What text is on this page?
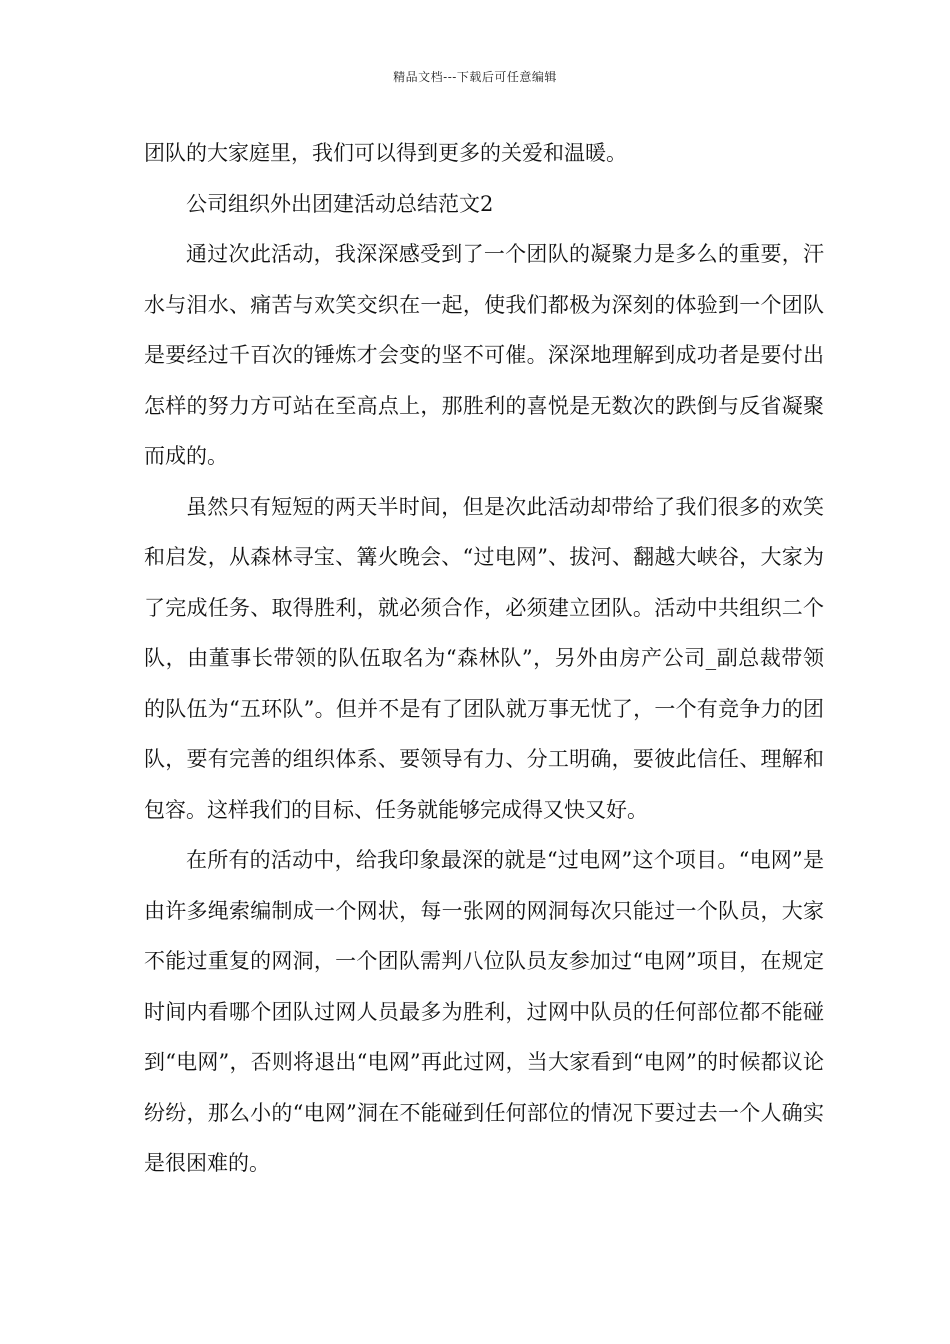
精品文档---下载后可任意编辑

团队的大家庭里，我们可以得到更多的关爱和温暖。

公司组织外出团建活动总结范文2

通过次此活动，我深深感受到了一个团队的凝聚力是多么的重要，汗水与泪水、痛苦与欢笑交织在一起，使我们都极为深刻的体验到一个团队是要经过千百次的锤炼才会变的坚不可催。深深地理解到成功者是要付出怎样的努力方可站在至高点上，那胜利的喜悦是无数次的跌倒与反省凝聚而成的。

虽然只有短短的两天半时间，但是次此活动却带给了我们很多的欢笑和启发，从森林寻宝、篝火晚会、“过电网”、拔河、翻越大峡谷，大家为了完成任务、取得胜利，就必须合作，必须建立团队。活动中共组织二个队，由董事长带领的队伍取名为“森林队”，另外由房产公司_副总裁带领的队伍为“五环队”。但并不是有了团队就万事无忧了，一个有竞争力的团队，要有完善的组织体系、要领导有力、分工明确，要彼此信任、理解和包容。这样我们的目标、任务就能够完成得又快又好。

在所有的活动中，给我印象最深的就是“过电网”这个项目。“电网”是由许多绳索编制成一个网状，每一张网的网洞每次只能过一个队员，大家不能过重复的网洞，一个团队需判八位队员友参加过“电网”项目，在规定时间内看哪个团队过网人员最多为胜利，过网中队员的任何部位都不能碰到“电网”，否则将退出“电网”再此过网，当大家看到“电网”的时候都议论纷纷，那么小的“电网”洞在不能碰到任何部位的情况下要过去一个人确实是很困难的。
